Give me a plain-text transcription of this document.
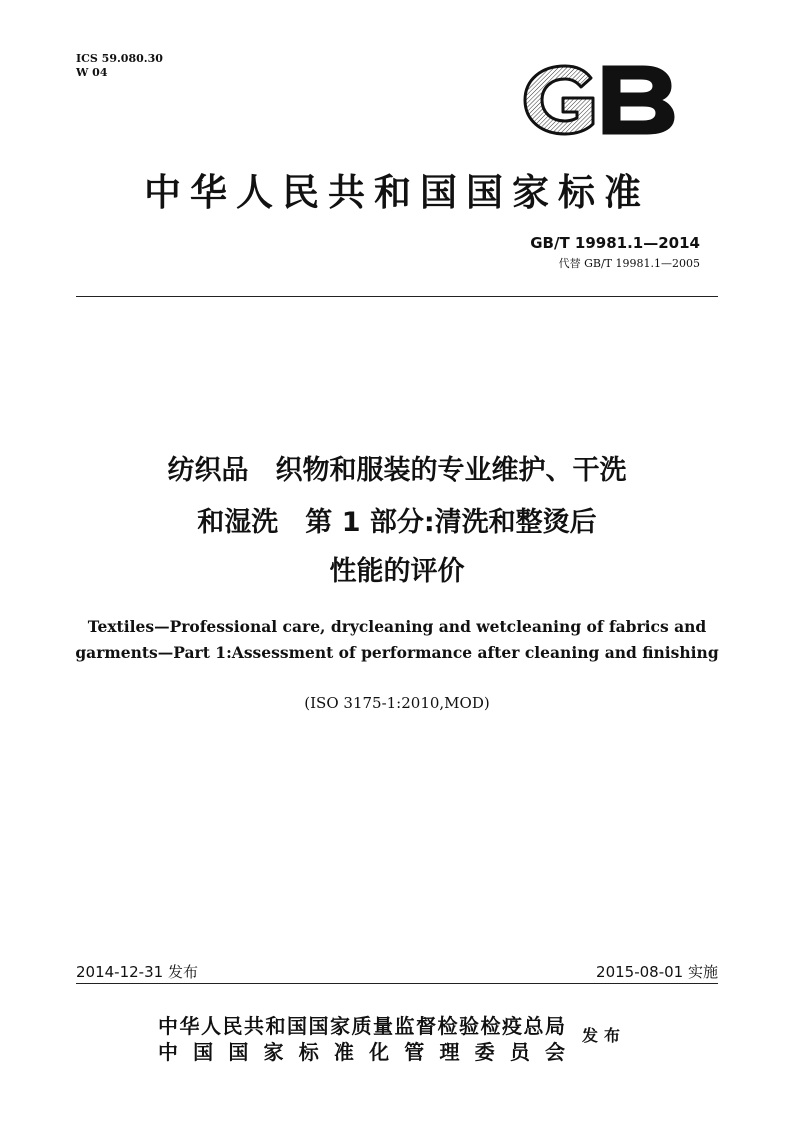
ICS 59.080.30
W 04
中华人民共和国国家标准
GB/T 19981.1—2014
代替 GB/T 19981.1—2005
纺织品　织物和服装的专业维护、干洗
和湿洗　第 1 部分:清洗和整烫后
性能的评价
Textiles—Professional care, drycleaning and wetcleaning of fabrics and
garments—Part 1:Assessment of performance after cleaning and finishing
(ISO 3175-1:2010,MOD)
2014-12-31 发布	2015-08-01 实施
中华人民共和国国家质量监督检验检疫总局
中国国家标准化管理委员会
发布
